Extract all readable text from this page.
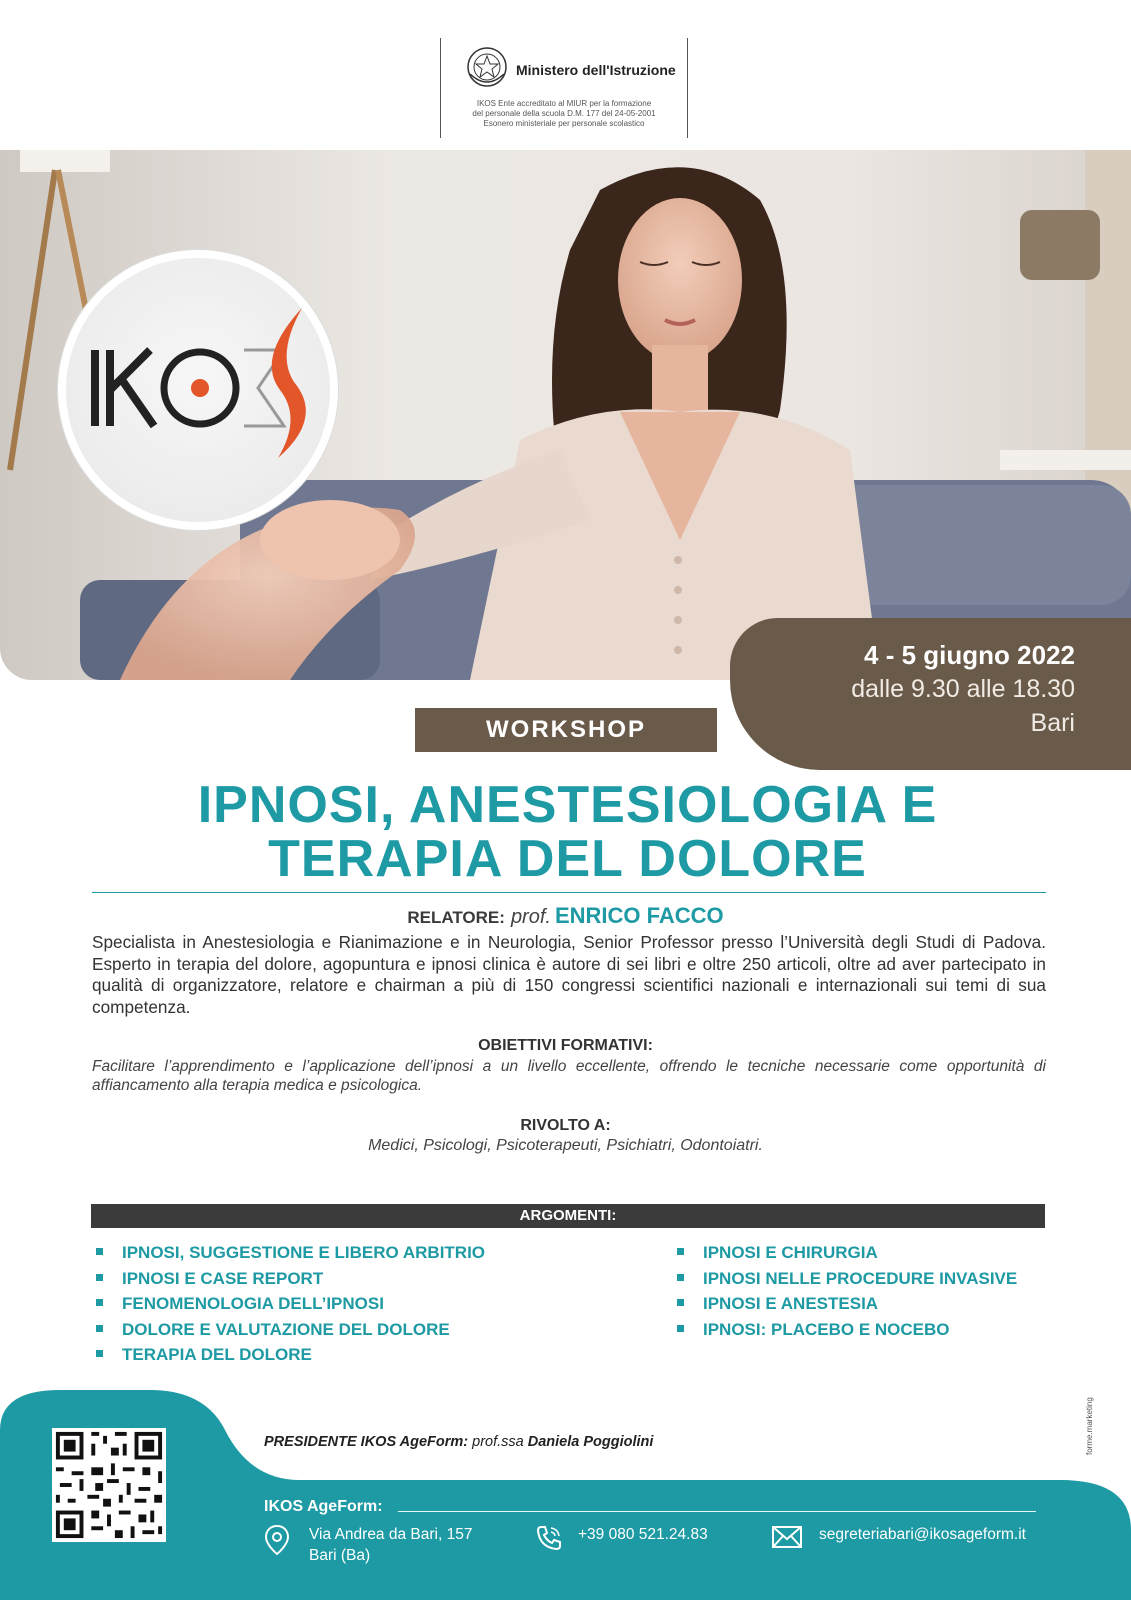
Ministero dell'Istruzione
IKOS Ente accreditato al MIUR per la formazione
del personale della scuola D.M. 177 del 24-05-2001
Esonero ministeriale per personale scolastico
4 - 5 giugno 2022
dalle 9.30 alle 18.30
Bari
WORKSHOP
IPNOSI, ANESTESIOLOGIA E
TERAPIA DEL DOLORE
RELATORE: prof. ENRICO FACCO
Specialista in Anestesiologia e Rianimazione e in Neurologia, Senior Professor presso l’Università degli Studi di Padova. Esperto in terapia del dolore, agopuntura e ipnosi clinica è autore di sei libri e oltre 250 articoli, oltre ad aver partecipato in qualità di organizzatore, relatore e chairman a più di 150 congressi scientifici nazionali e internazionali sui temi di sua competenza.
OBIETTIVI FORMATIVI:
Facilitare l’apprendimento e l’applicazione dell’ipnosi a un livello eccellente, offrendo le tecniche necessarie come opportunità di affiancamento alla terapia medica e psicologica.
RIVOLTO A:
Medici, Psicologi, Psicoterapeuti, Psichiatri, Odontoiatri.
ARGOMENTI:
IPNOSI, SUGGESTIONE E LIBERO ARBITRIO
IPNOSI E CASE REPORT
FENOMENOLOGIA DELL’IPNOSI
DOLORE E VALUTAZIONE DEL DOLORE
TERAPIA DEL DOLORE
IPNOSI E CHIRURGIA
IPNOSI NELLE PROCEDURE INVASIVE
IPNOSI E ANESTESIA
IPNOSI: PLACEBO E NOCEBO
forme.marketing
PRESIDENTE IKOS AgeForm: prof.ssa Daniela Poggiolini
IKOS AgeForm:
Via Andrea da Bari, 157
Bari (Ba)
+39 080 521.24.83	segreteriabari@ikosageform.it
